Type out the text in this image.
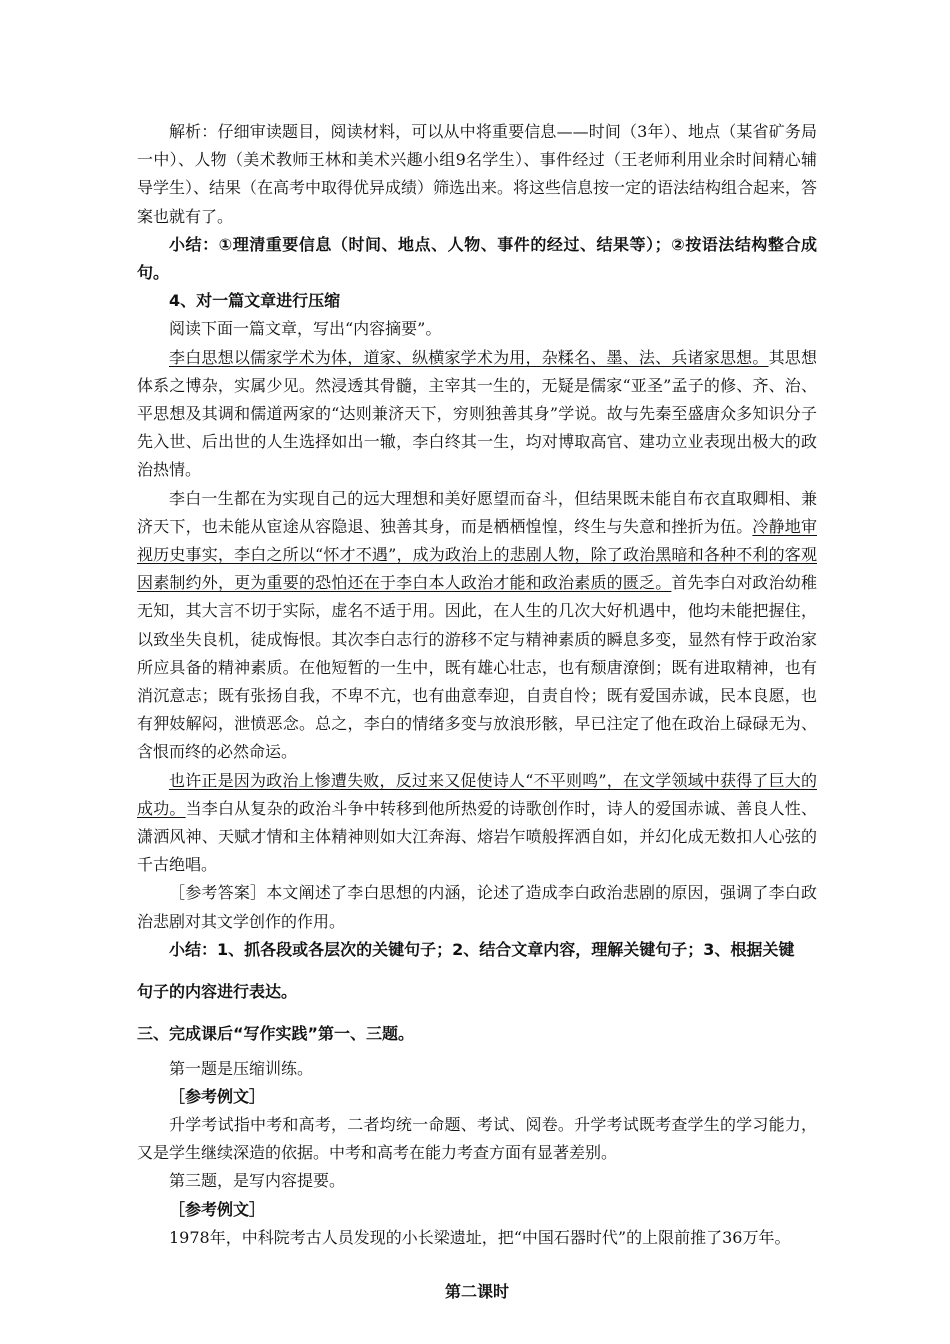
解析：仔细审读题目，阅读材料，可以从中将重要信息——时间（3年）、地点（某省矿务局一中）、人物（美术教师王林和美术兴趣小组9名学生）、事件经过（王老师利用业余时间精心辅导学生）、结果（在高考中取得优异成绩）筛选出来。将这些信息按一定的语法结构组合起来，答案也就有了。

小结：①理清重要信息（时间、地点、人物、事件的经过、结果等）；②按语法结构整合成句。

4、对一篇文章进行压缩

阅读下面一篇文章，写出“内容摘要”。

李白思想以儒家学术为体，道家、纵横家学术为用，杂糅名、墨、法、兵诸家思想。其思想体系之博杂，实属少见。然浸透其骨髓，主宰其一生的，无疑是儒家“亚圣”孟子的修、齐、治、平思想及其调和儒道两家的“达则兼济天下，穷则独善其身”学说。故与先秦至盛唐众多知识分子先入世、后出世的人生选择如出一辙，李白终其一生，均对博取高官、建功立业表现出极大的政治热情。

李白一生都在为实现自己的远大理想和美好愿望而奋斗，但结果既未能自布衣直取卿相、兼济天下，也未能从宦途从容隐退、独善其身，而是栖栖惶惶，终生与失意和挫折为伍。冷静地审视历史事实，李白之所以“怀才不遇”，成为政治上的悲剧人物，除了政治黑暗和各种不利的客观因素制约外，更为重要的恐怕还在于李白本人政治才能和政治素质的匮乏。首先李白对政治幼稚无知，其大言不切于实际，虚名不适于用。因此，在人生的几次大好机遇中，他均未能把握住，以致坐失良机，徒成悔恨。其次李白志行的游移不定与精神素质的瞬息多变，显然有悖于政治家所应具备的精神素质。在他短暂的一生中，既有雄心壮志，也有颓唐潦倒；既有进取精神，也有消沉意志；既有张扬自我，不卑不亢，也有曲意奉迎，自责自怜；既有爱国赤诚，民本良愿，也有狎妓解闷，泄愤恶念。总之，李白的情绪多变与放浪形骸，早已注定了他在政治上碌碌无为、含恨而终的必然命运。

也许正是因为政治上惨遭失败，反过来又促使诗人“不平则鸣”，在文学领域中获得了巨大的成功。当李白从复杂的政治斗争中转移到他所热爱的诗歌创作时，诗人的爱国赤诚、善良人性、潇洒风神、天赋才情和主体精神则如大江奔海、熔岩乍喷般挥洒自如，并幻化成无数扣人心弦的千古绝唱。

［参考答案］本文阐述了李白思想的内涵，论述了造成李白政治悲剧的原因，强调了李白政治悲剧对其文学创作的作用。

小结：1、抓各段或各层次的关键句子；2、结合文章内容，理解关键句子；3、根据关键

句子的内容进行表达。

三、完成课后“写作实践”第一、三题。

第一题是压缩训练。

［参考例文］

升学考试指中考和高考，二者均统一命题、考试、阅卷。升学考试既考查学生的学习能力，又是学生继续深造的依据。中考和高考在能力考查方面有显著差别。

第三题，是写内容提要。

［参考例文］

1978年，中科院考古人员发现的小长梁遗址，把“中国石器时代”的上限前推了36万年。

第二课时
